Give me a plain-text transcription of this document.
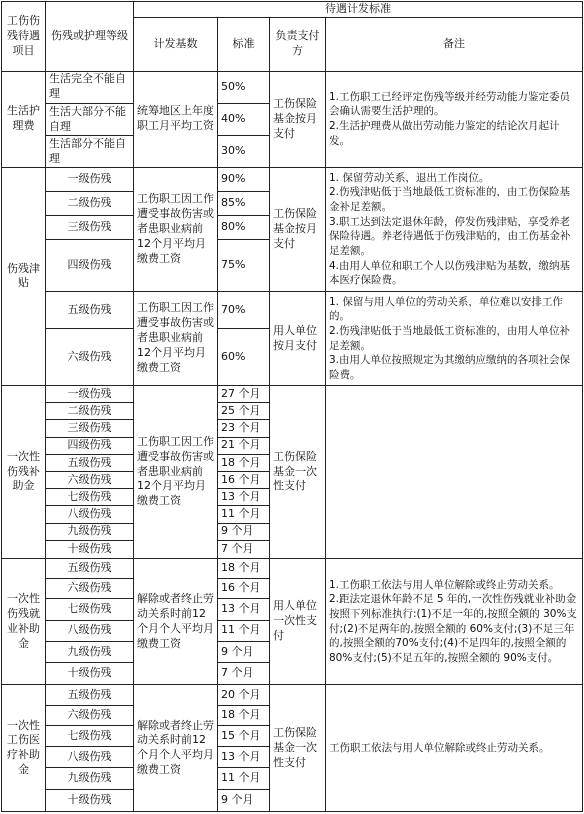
工伤伤残待遇项目	伤残或护理等级	待遇计发标准			
		计发基数	标准	负责支付方	备注
生活护理费	生活完全不能自理	统筹地区上年度职工月平均工资	50%	工伤保险基金按月支付	1.工伤职工已经评定伤残等级并经劳动能力鉴定委员会确认需要生活护理的。
2.生活护理费从做出劳动能力鉴定的结论次月起计发。

	生活大部分不能自理		40%		
	生活部分不能自理		30%		
伤残津贴	一级伤残	工伤职工因工作遭受事故伤害或者患职业病前12个月平均月缴费工资	90%	工伤保险基金按月支付	1. 保留劳动关系，退出工作岗位。
2.伤残津贴低于当地最低工资标准的，由工伤保险基金补足差额。
3.职工达到法定退休年龄，停发伤残津贴，享受养老保险待遇。养老待遇低于伤残津贴的，由工伤基金补足差额。
4.由用人单位和职工个人以伤残津贴为基数，缴纳基本医疗保险费。

	二级伤残		85%		
	三级伤残		80%		
	四级伤残		75%		
	五级伤残	工伤职工因工作遭受事故伤害或者患职业病前12个月平均月缴费工资	70%	用人单位按月支付	1. 保留与用人单位的劳动关系，单位难以安排工作的。
2.伤残津贴低于当地最低工资标准的，由用人单位补足差额。
3.由用人单位按照规定为其缴纳应缴纳的各项社会保险费。

	六级伤残		60%		
一次性伤残补助金	一级伤残	工伤职工因工作遭受事故伤害或者患职业病前12个月平均月缴费工资	27 个月	工伤保险基金一次性支付	
	二级伤残		25 个月		
	三级伤残		23 个月		
	四级伤残		21 个月		
	五级伤残		18 个月		
	六级伤残		16 个月		
	七级伤残		13 个月		
	八级伤残		11 个月		
	九级伤残		9 个月		
	十级伤残		7 个月		
一次性伤残就业补助金	五级伤残	解除或者终止劳动关系时前12个月个人平均月缴费工资	18 个月	用人单位一次性支付	1.工伤职工依法与用人单位解除或终止劳动关系。
2.距法定退休年龄不足 5 年的,一次性伤残就业补助金按照下列标准执行:(1)不足一年的,按照全额的 30%支付;(2)不足两年的,按照全额的 60%支付;(3)不足三年的,按照全额的70%支付;(4)不足四年的,按照全额的 80%支付;(5)不足五年的,按照全额的 90%支付。

	六级伤残		16 个月		
	七级伤残		13 个月		
	八级伤残		11 个月		
	九级伤残		9 个月		
	十级伤残		7 个月		
一次性工伤医疗补助金	五级伤残	解除或者终止劳动关系时前12个月个人平均月缴费工资	20 个月	工伤保险基金一次性支付	工伤职工依法与用人单位解除或终止劳动关系。
	六级伤残		18 个月		
	七级伤残		15 个月		
	八级伤残		13 个月		
	九级伤残		11 个月		
	十级伤残		9 个月		
